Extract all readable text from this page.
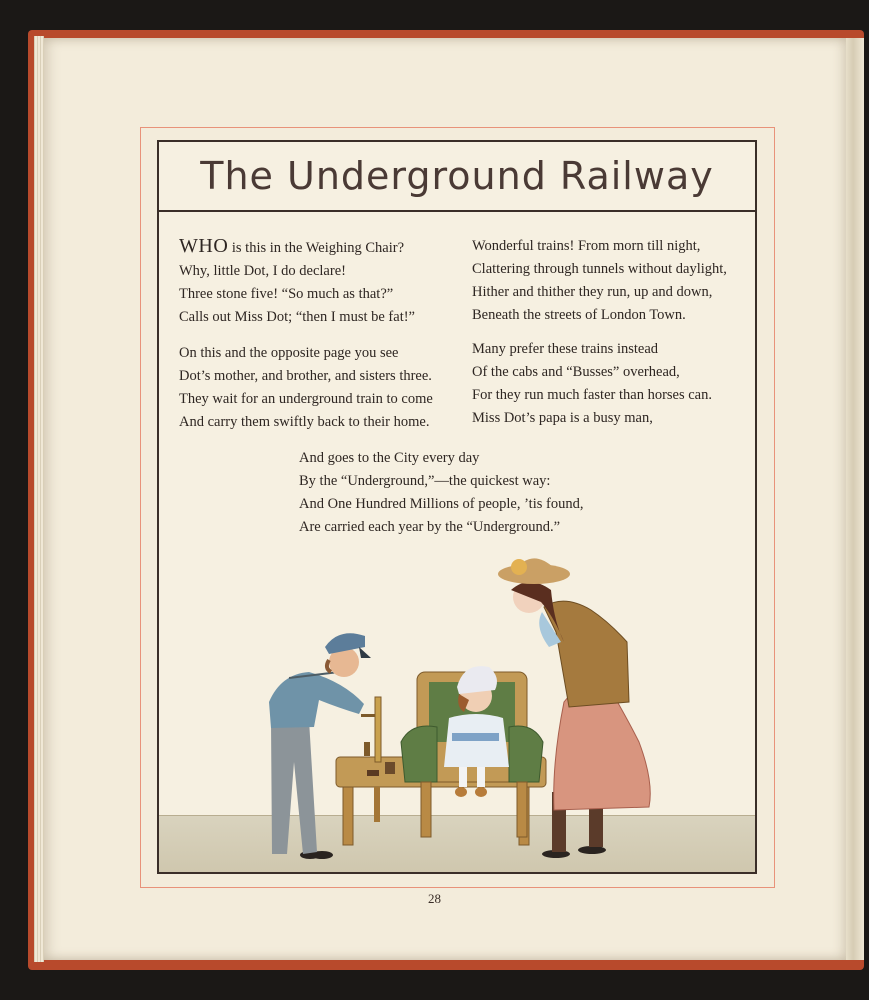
The Underground Railway
WHO is this in the Weighing Chair?
Why, little Dot, I do declare!
Three stone five! “So much as that?”
Calls out Miss Dot; “then I must be fat!”
On this and the opposite page you see
Dot’s mother, and brother, and sisters three.
They wait for an underground train to come
And carry them swiftly back to their home.
Wonderful trains! From morn till night,
Clattering through tunnels without daylight,
Hither and thither they run, up and down,
Beneath the streets of London Town.
Many prefer these trains instead
Of the cabs and “Busses” overhead,
For they run much faster than horses can.
Miss Dot’s papa is a busy man,
And goes to the City every day
By the “Underground,”—the quickest way:
And One Hundred Millions of people, ’tis found,
Are carried each year by the “Underground.”
28
